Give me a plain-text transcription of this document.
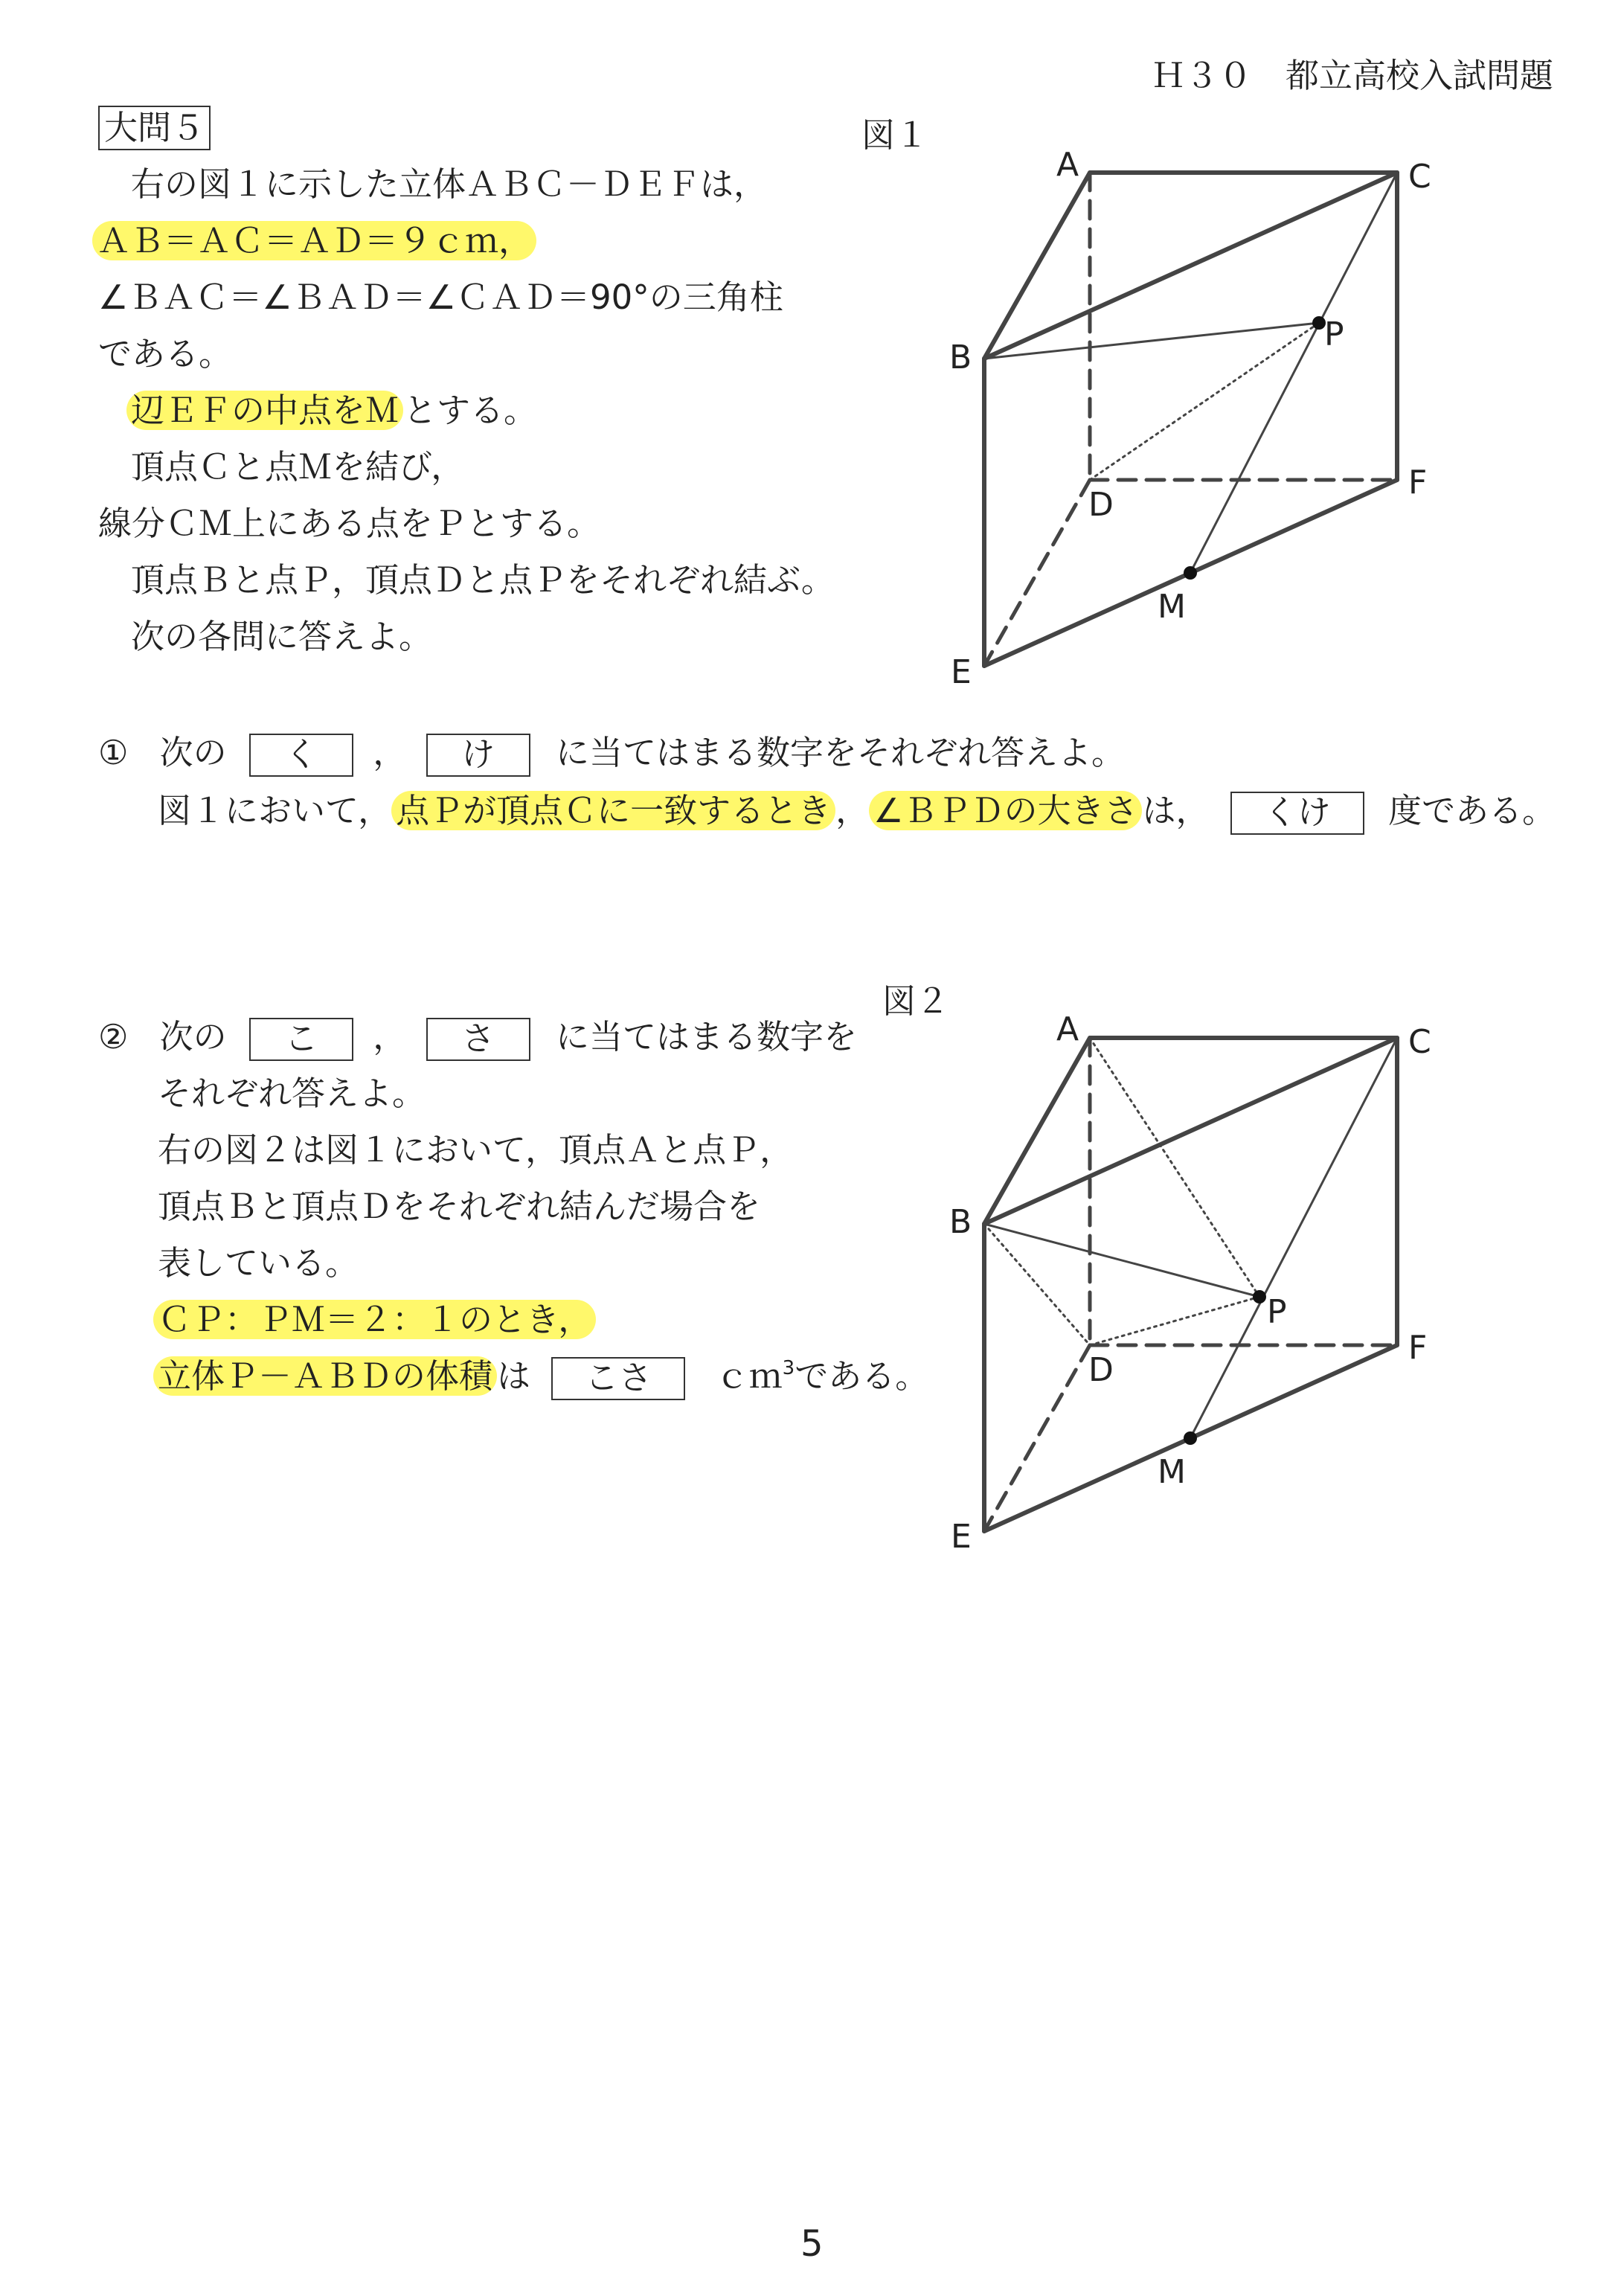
Ｈ３０　都立高校入試問題
大問５
右の図１に示した立体ＡＢＣ－ＤＥＦは，
ＡＢ＝ＡＣ＝ＡＤ＝９ｃｍ，
∠ＢＡＣ＝∠ＢＡＤ＝∠ＣＡＤ＝90°の三角柱
である。
辺ＥＦの中点をＭ とする。
頂点Ｃと点Ｍを結び，
線分ＣＭ上にある点をＰとする。
頂点Ｂと点Ｐ，頂点Ｄと点Ｐをそれぞれ結ぶ。
次の各問に答えよ。
図１
A	C
B
P
D
F
M
E
① 次の く ， け に当てはまる数字をそれぞれ答えよ。
図１において， 点Ｐが頂点Ｃに一致するとき ， ∠ＢＰＤの大きさ は， くけ 度である。
図２
A	C
B
P
D
F
M
E
② 次の こ ， さ に当てはまる数字を
それぞれ答えよ。
右の図２は図１において，頂点Ａと点Ｐ，
頂点Ｂと頂点Ｄをそれぞれ結んだ場合を
表している。
ＣＰ：ＰＭ＝２：１のとき，
立体Ｐ－ＡＢＤの体積 は こさ ｃｍ$^3$である。
5
